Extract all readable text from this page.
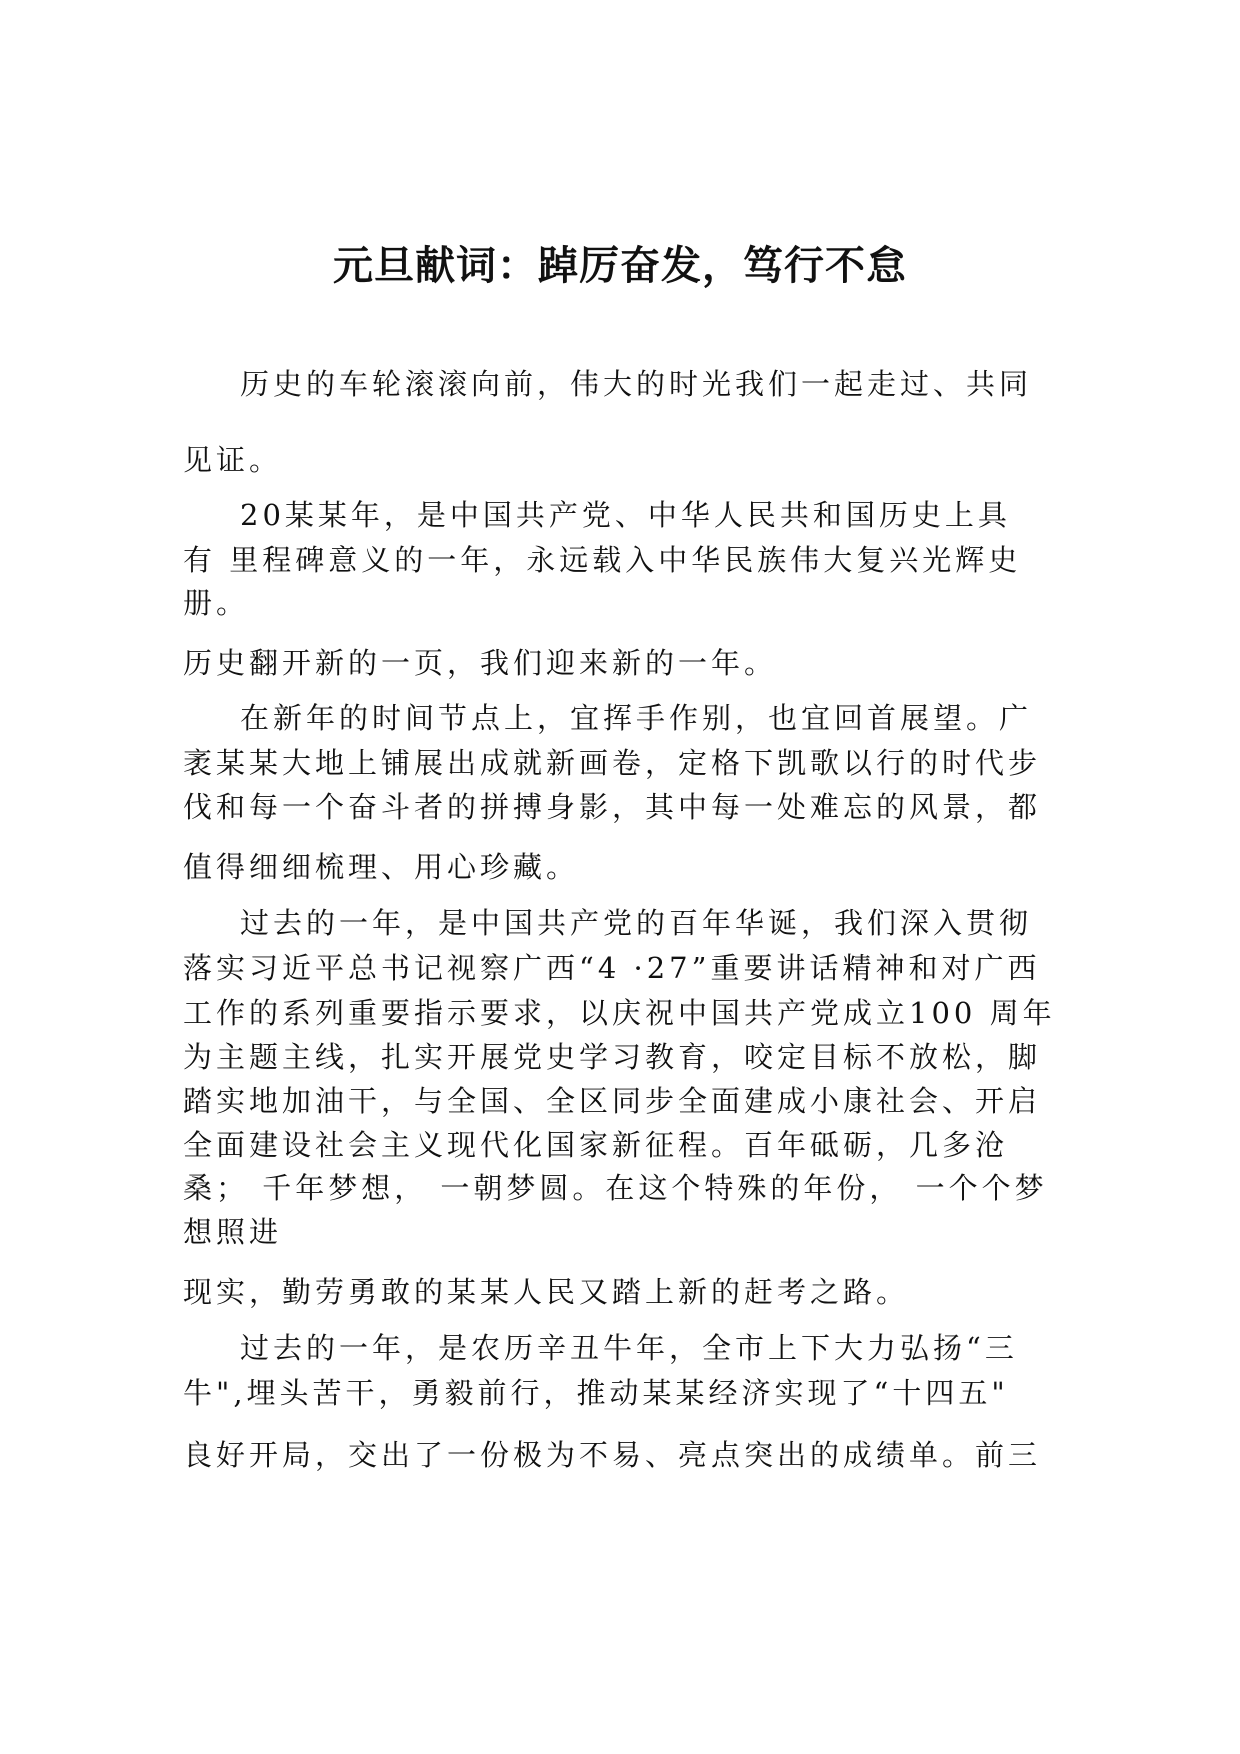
元旦献词：踔厉奋发，笃行不怠

历史的车轮滚滚向前，伟大的时光我们一起走过、共同

见证。

20某某年，是中国共产党、中华人民共和国历史上具

有 里程碑意义的一年，永远载入中华民族伟大复兴光辉史

册。

历史翻开新的一页，我们迎来新的一年。

在新年的时间节点上，宜挥手作别，也宜回首展望。广

袤某某大地上铺展出成就新画卷，定格下凯歌以行的时代步

伐和每一个奋斗者的拼搏身影，其中每一处难忘的风景，都

值得细细梳理、用心珍藏。

过去的一年，是中国共产党的百年华诞，我们深入贯彻

落实习近平总书记视察广西“4 ·27”重要讲话精神和对广西

工作的系列重要指示要求，以庆祝中国共产党成立100 周年

为主题主线，扎实开展党史学习教育，咬定目标不放松，脚

踏实地加油干，与全国、全区同步全面建成小康社会、开启

全面建设社会主义现代化国家新征程。百年砥砺，几多沧

桑； 千年梦想， 一朝梦圆。在这个特殊的年份， 一个个梦

想照进

现实，勤劳勇敢的某某人民又踏上新的赶考之路。

过去的一年，是农历辛丑牛年，全市上下大力弘扬“三

牛",埋头苦干，勇毅前行，推动某某经济实现了“十四五"

良好开局，交出了一份极为不易、亮点突出的成绩单。前三
